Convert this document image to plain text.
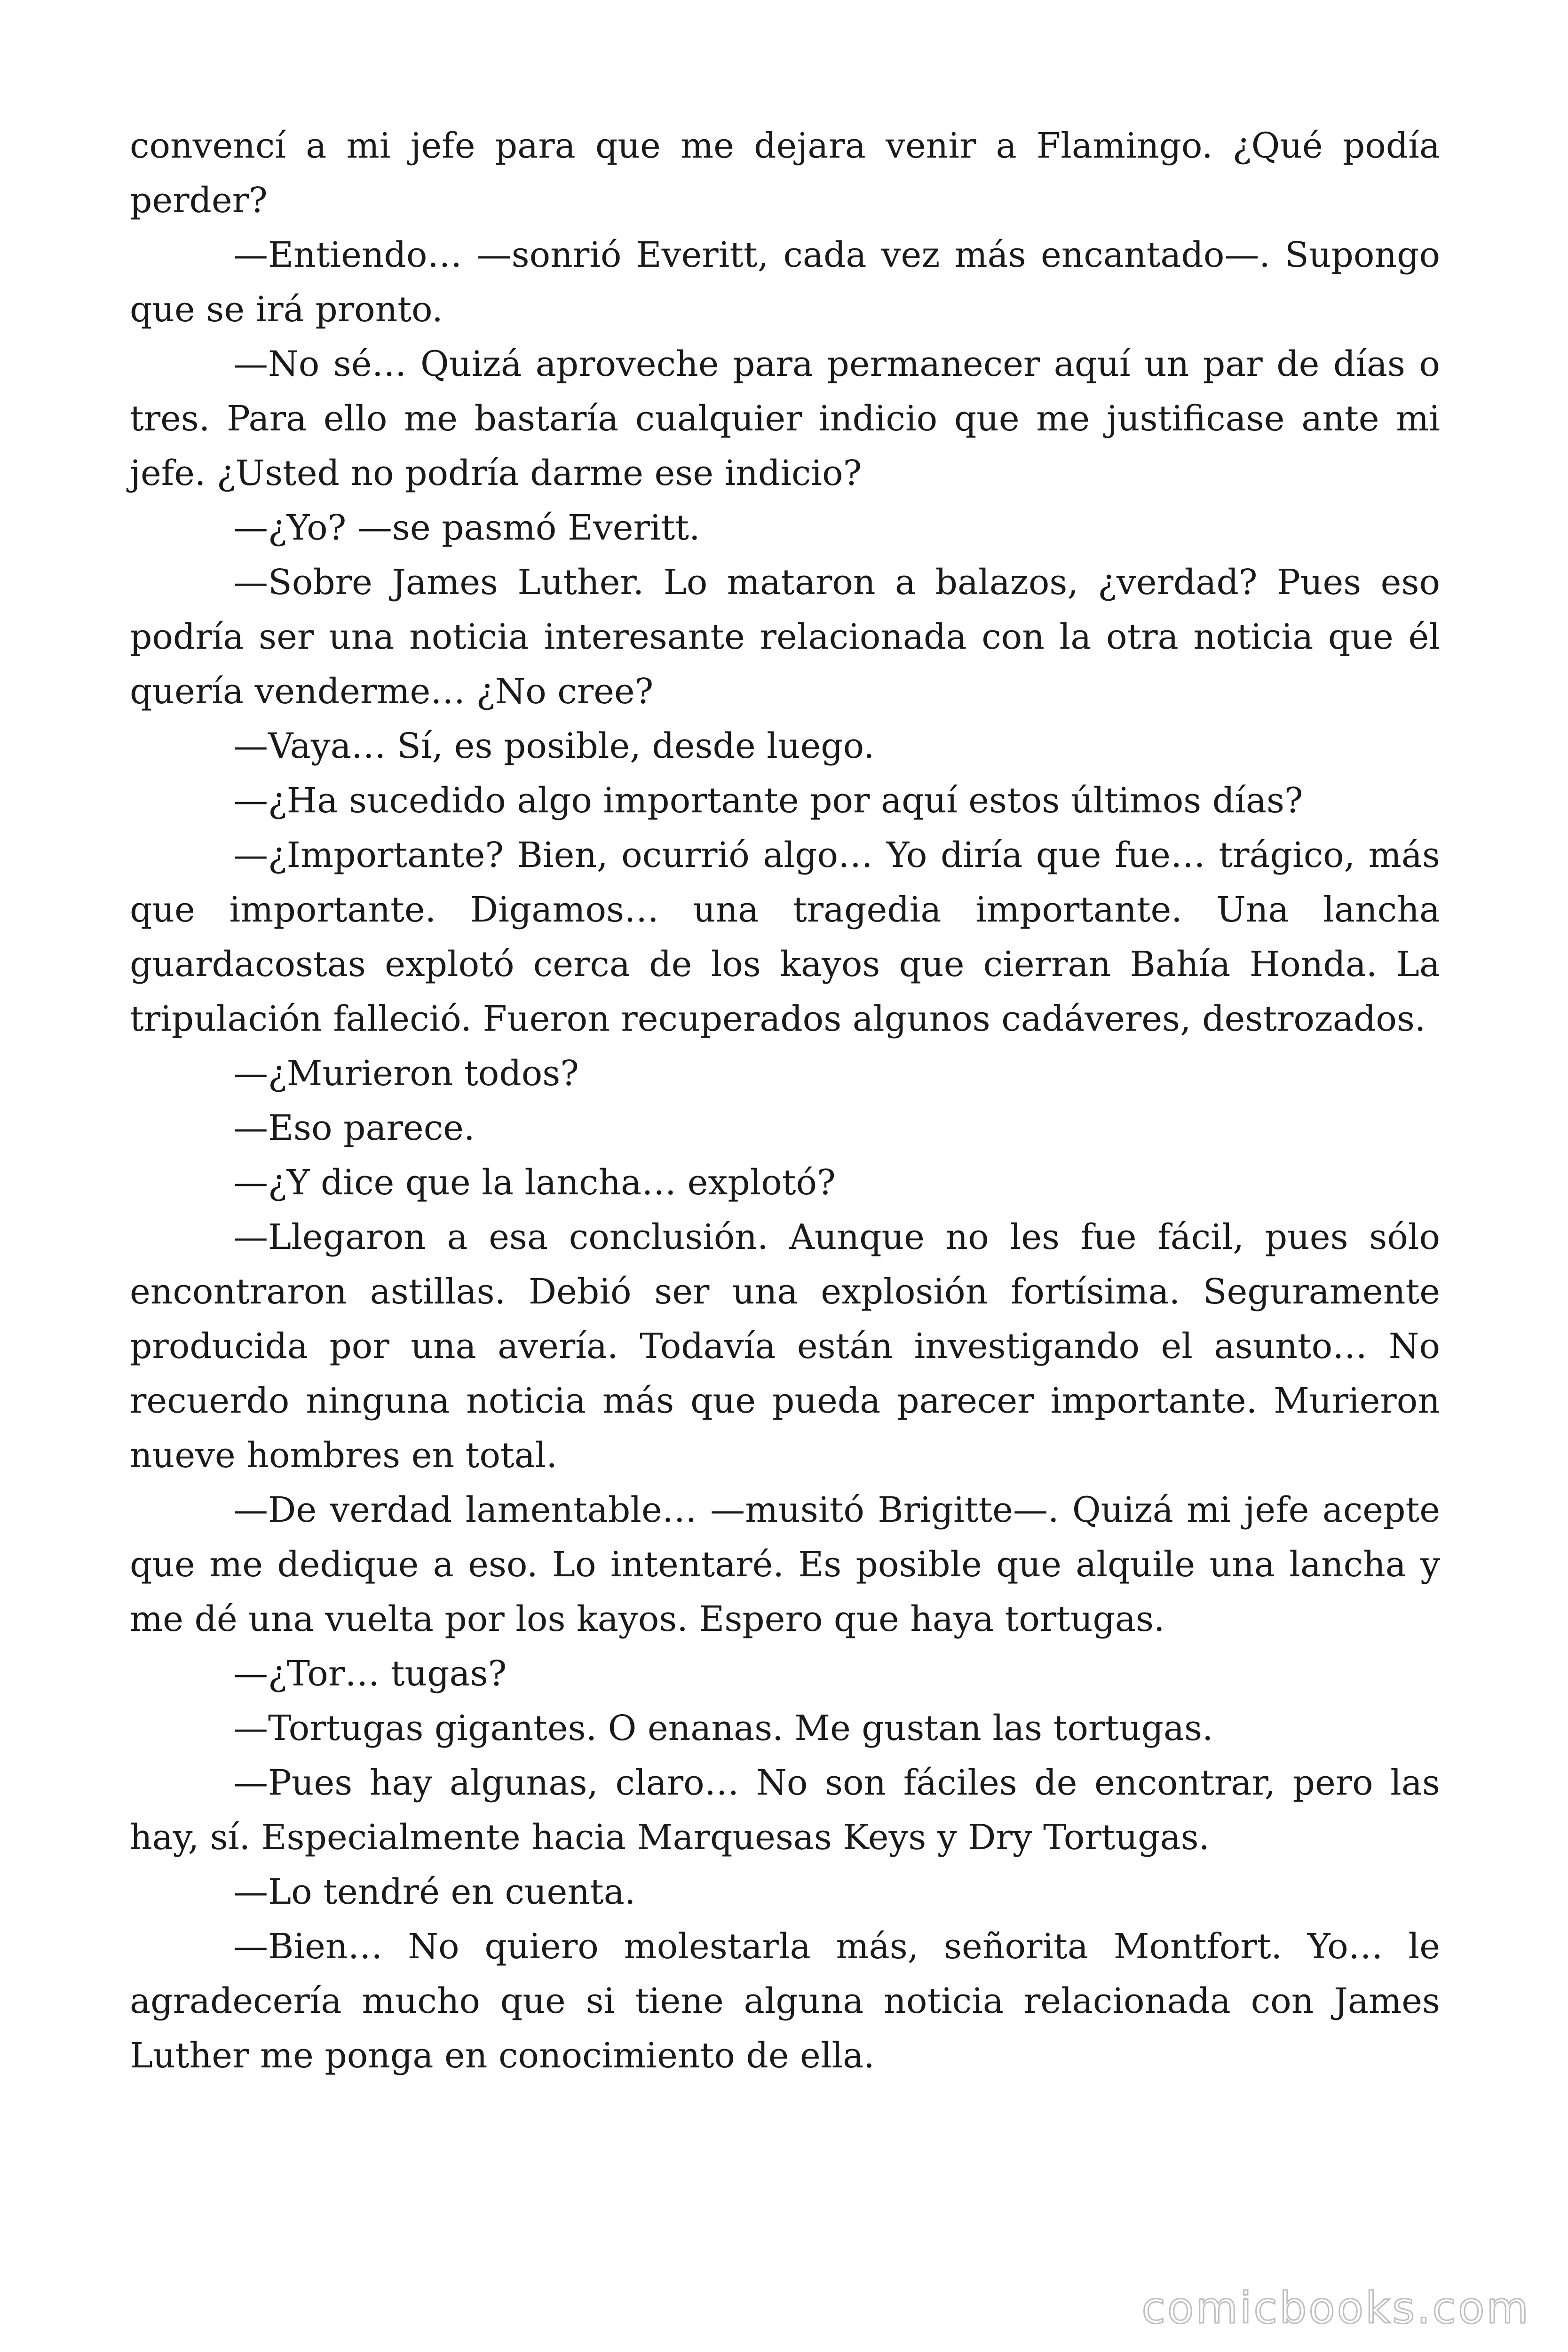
convencí a mi jefe para que me dejara venir a Flamingo. ¿Qué podía perder?

—Entiendo… —sonrió Everitt, cada vez más encantado—. Supongo que se irá pronto.

—No sé… Quizá aproveche para permanecer aquí un par de días o tres. Para ello me bastaría cualquier indicio que me justificase ante mi jefe. ¿Usted no podría darme ese indicio?

—¿Yo? —se pasmó Everitt.

—Sobre James Luther. Lo mataron a balazos, ¿verdad? Pues eso podría ser una noticia interesante relacionada con la otra noticia que él quería venderme… ¿No cree?

—Vaya… Sí, es posible, desde luego.

—¿Ha sucedido algo importante por aquí estos últimos días?

—¿Importante? Bien, ocurrió algo… Yo diría que fue… trágico, más que importante. Digamos… una tragedia importante. Una lancha guardacostas explotó cerca de los kayos que cierran Bahía Honda. La tripulación falleció. Fueron recuperados algunos cadáveres, destrozados.

—¿Murieron todos?

—Eso parece.

—¿Y dice que la lancha… explotó?

—Llegaron a esa conclusión. Aunque no les fue fácil, pues sólo encontraron astillas. Debió ser una explosión fortísima. Seguramente producida por una avería. Todavía están investigando el asunto… No recuerdo ninguna noticia más que pueda parecer importante. Murieron nueve hombres en total.

—De verdad lamentable… —musitó Brigitte—. Quizá mi jefe acepte que me dedique a eso. Lo intentaré. Es posible que alquile una lancha y me dé una vuelta por los kayos. Espero que haya tortugas.

—¿Tor… tugas?

—Tortugas gigantes. O enanas. Me gustan las tortugas.

—Pues hay algunas, claro… No son fáciles de encontrar, pero las hay, sí. Especialmente hacia Marquesas Keys y Dry Tortugas.

—Lo tendré en cuenta.

—Bien… No quiero molestarla más, señorita Montfort. Yo… le agradecería mucho que si tiene alguna noticia relacionada con James Luther me ponga en conocimiento de ella.

comicbooks.com
